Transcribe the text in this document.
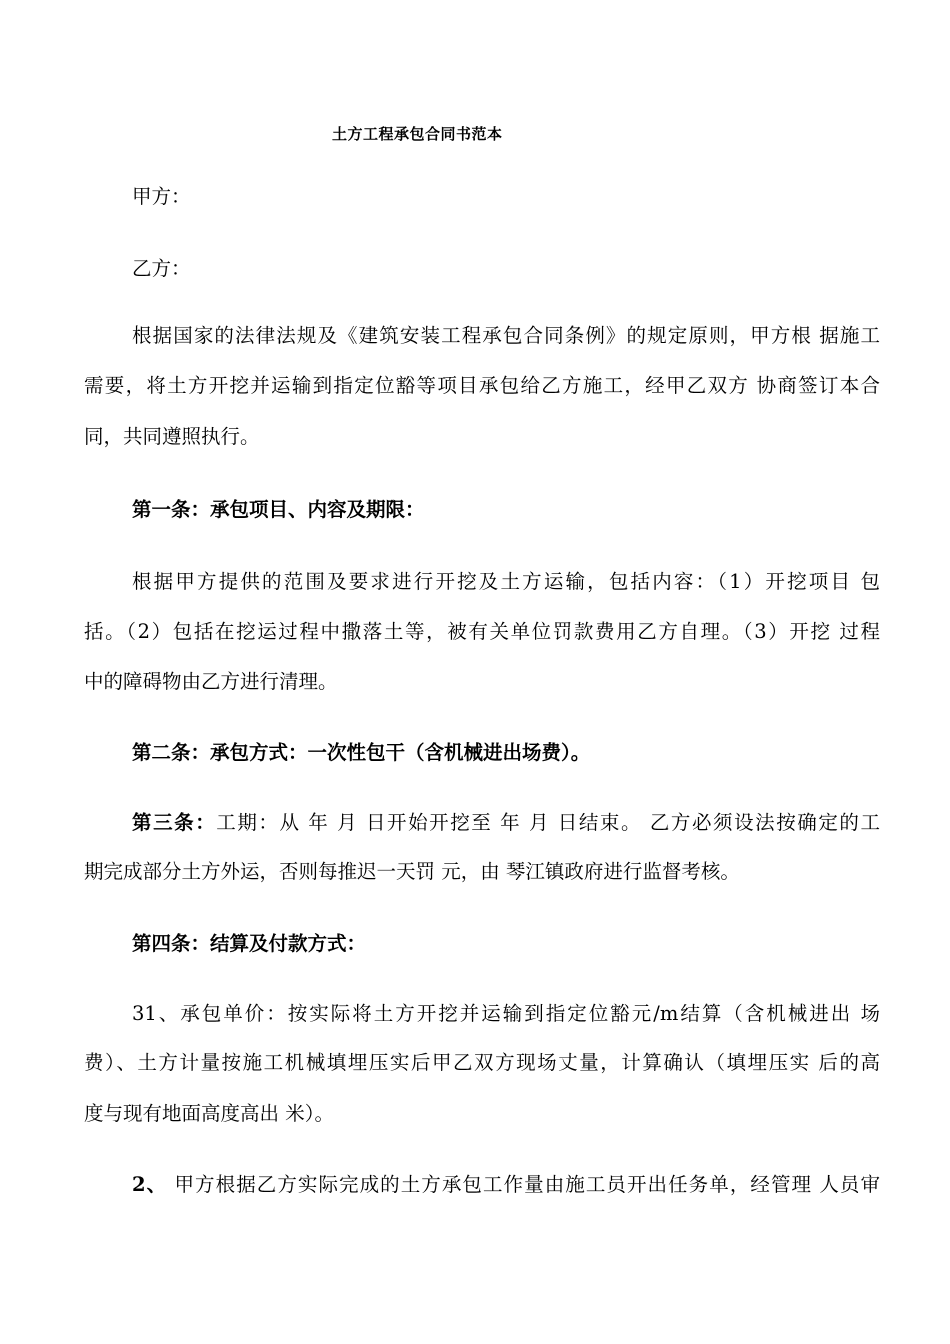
土方工程承包合同书范本
甲方：
乙方：
根据国家的法律法规及《建筑安装工程承包合同条例》的规定原则，甲方根 据施工
需要，将土方开挖并运输到指定位豁等项目承包给乙方施工，经甲乙双方 协商签订本合
同，共同遵照执行。
第一条：承包项目、内容及期限：
根据甲方提供的范围及要求进行开挖及土方运输，包括内容：（1）开挖项目 包
括。（2）包括在挖运过程中撒落土等，被有关单位罚款费用乙方自理。（3）开挖 过程
中的障碍物由乙方进行清理。
第二条：承包方式：一次性包干（含机械进出场费）。
第三条：工期：从 年 月 日开始开挖至 年 月 日结束。 乙方必须设法按确定的工
期完成部分土方外运，否则每推迟一天罚 元，由 琴江镇政府进行监督考核。
第四条：结算及付款方式：
31、承包单价：按实际将土方开挖并运输到指定位豁元/m结算（含机械进出 场
费）、土方计量按施工机械填埋压实后甲乙双方现场丈量，计算确认（填埋压实 后的高
度与现有地面高度高出 米）。
2、 甲方根据乙方实际完成的土方承包工作量由施工员开出任务单，经管理 人员审
